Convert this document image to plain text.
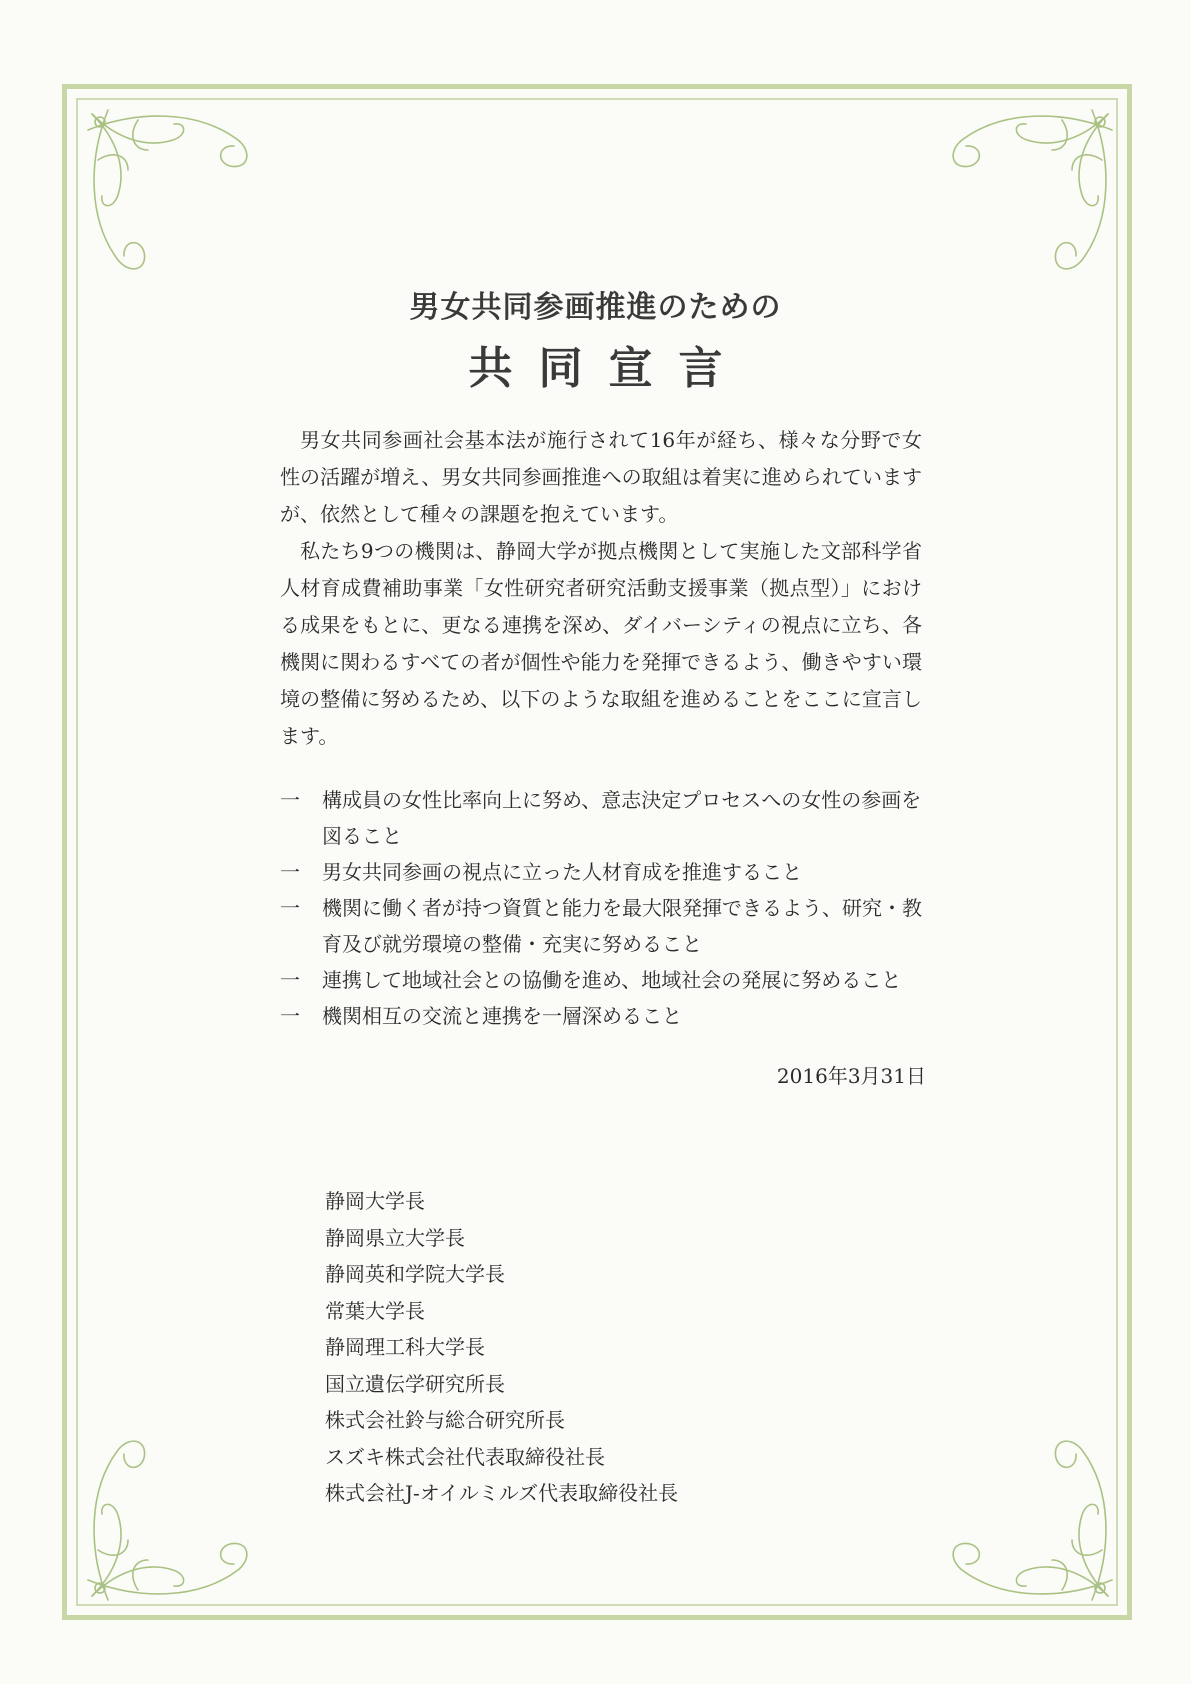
男女共同参画推進のための
共同宣言

男女共同参画社会基本法が施行されて16年が経ち、様々な分野で女性の活躍が増え、男女共同参画推進への取組は着実に進められていますが、依然として種々の課題を抱えています。

私たち9つの機関は、静岡大学が拠点機関として実施した文部科学省人材育成費補助事業「女性研究者研究活動支援事業（拠点型）」における成果をもとに、更なる連携を深め、ダイバーシティの視点に立ち、各機関に関わるすべての者が個性や能力を発揮できるよう、働きやすい環境の整備に努めるため、以下のような取組を進めることをここに宣言します。

一 構成員の女性比率向上に努め、意志決定プロセスへの女性の参画を図ること
一 男女共同参画の視点に立った人材育成を推進すること
一 機関に働く者が持つ資質と能力を最大限発揮できるよう、研究・教育及び就労環境の整備・充実に努めること
一 連携して地域社会との協働を進め、地域社会の発展に努めること
一 機関相互の交流と連携を一層深めること
2016年3月31日
静岡大学長
静岡県立大学長
静岡英和学院大学長
常葉大学長
静岡理工科大学長
国立遺伝学研究所長
株式会社鈴与総合研究所長
スズキ株式会社代表取締役社長
株式会社J-オイルミルズ代表取締役社長
